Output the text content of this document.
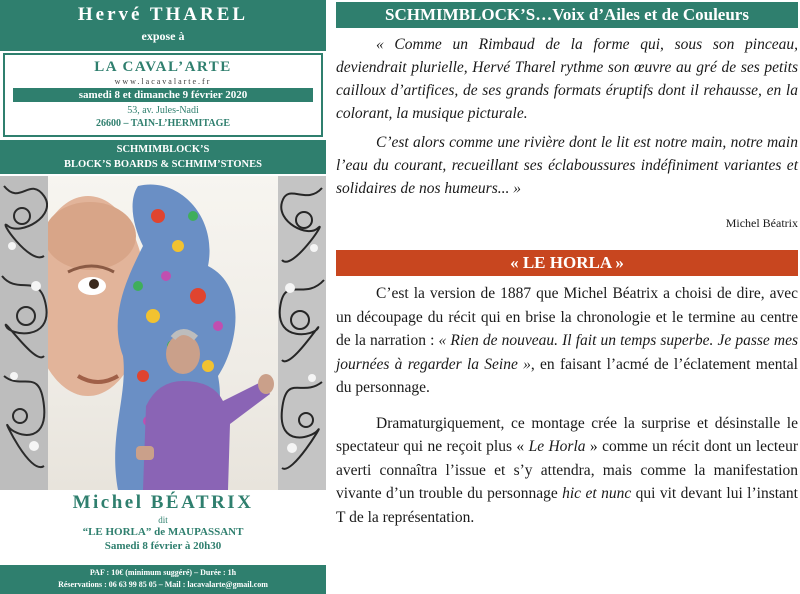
Hervé THAREL
expose à
LA CAVAL’ARTE
www.lacavalarte.fr
samedi 8 et dimanche 9 février 2020
53, av. Jules-Nadi
26600 – TAIN-L’HERMITAGE
SCHMIMBLOCK’S
BLOCK’S BOARDS & SCHMIM’STONES
Michel BÉATRIX
dit
“LE HORLA” de MAUPASSANT
Samedi 8 février à 20h30
PAF : 10€ (minimum suggéré) – Durée : 1h
Réservations : 06 63 99 85 05 – Mail : lacavalarte@gmail.com
SCHMIMBLOCK’S…Voix d’Ailes et de Couleurs

« Comme un Rimbaud de la forme qui, sous son pinceau, deviendrait plurielle, Hervé Tharel rythme son œuvre au gré de ses petits cailloux d’artifices, de ses grands formats éruptifs dont il rehausse, en la colorant, la musique picturale.

C’est alors comme une rivière dont le lit est notre main, notre main l’eau du courant, recueillant ses éclaboussures indéfiniment variantes et solidaires de nos humeurs... »

Michel Béatrix
« LE HORLA »

C’est la version de 1887 que Michel Béatrix a choisi de dire, avec un découpage du récit qui en brise la chronologie et le termine au centre de la narration : « Rien de nouveau. Il fait un temps superbe. Je passe mes journées à regarder la Seine », en faisant l’acmé de l’éclatement mental du personnage.

Dramaturgiquement, ce montage crée la surprise et désinstalle le spectateur qui ne reçoit plus « Le Horla » comme un récit dont un lecteur averti connaîtra l’issue et s’y attendra, mais comme la manifestation vivante d’un trouble du personnage hic et nunc qui vit devant lui l’instant T de la représentation.
